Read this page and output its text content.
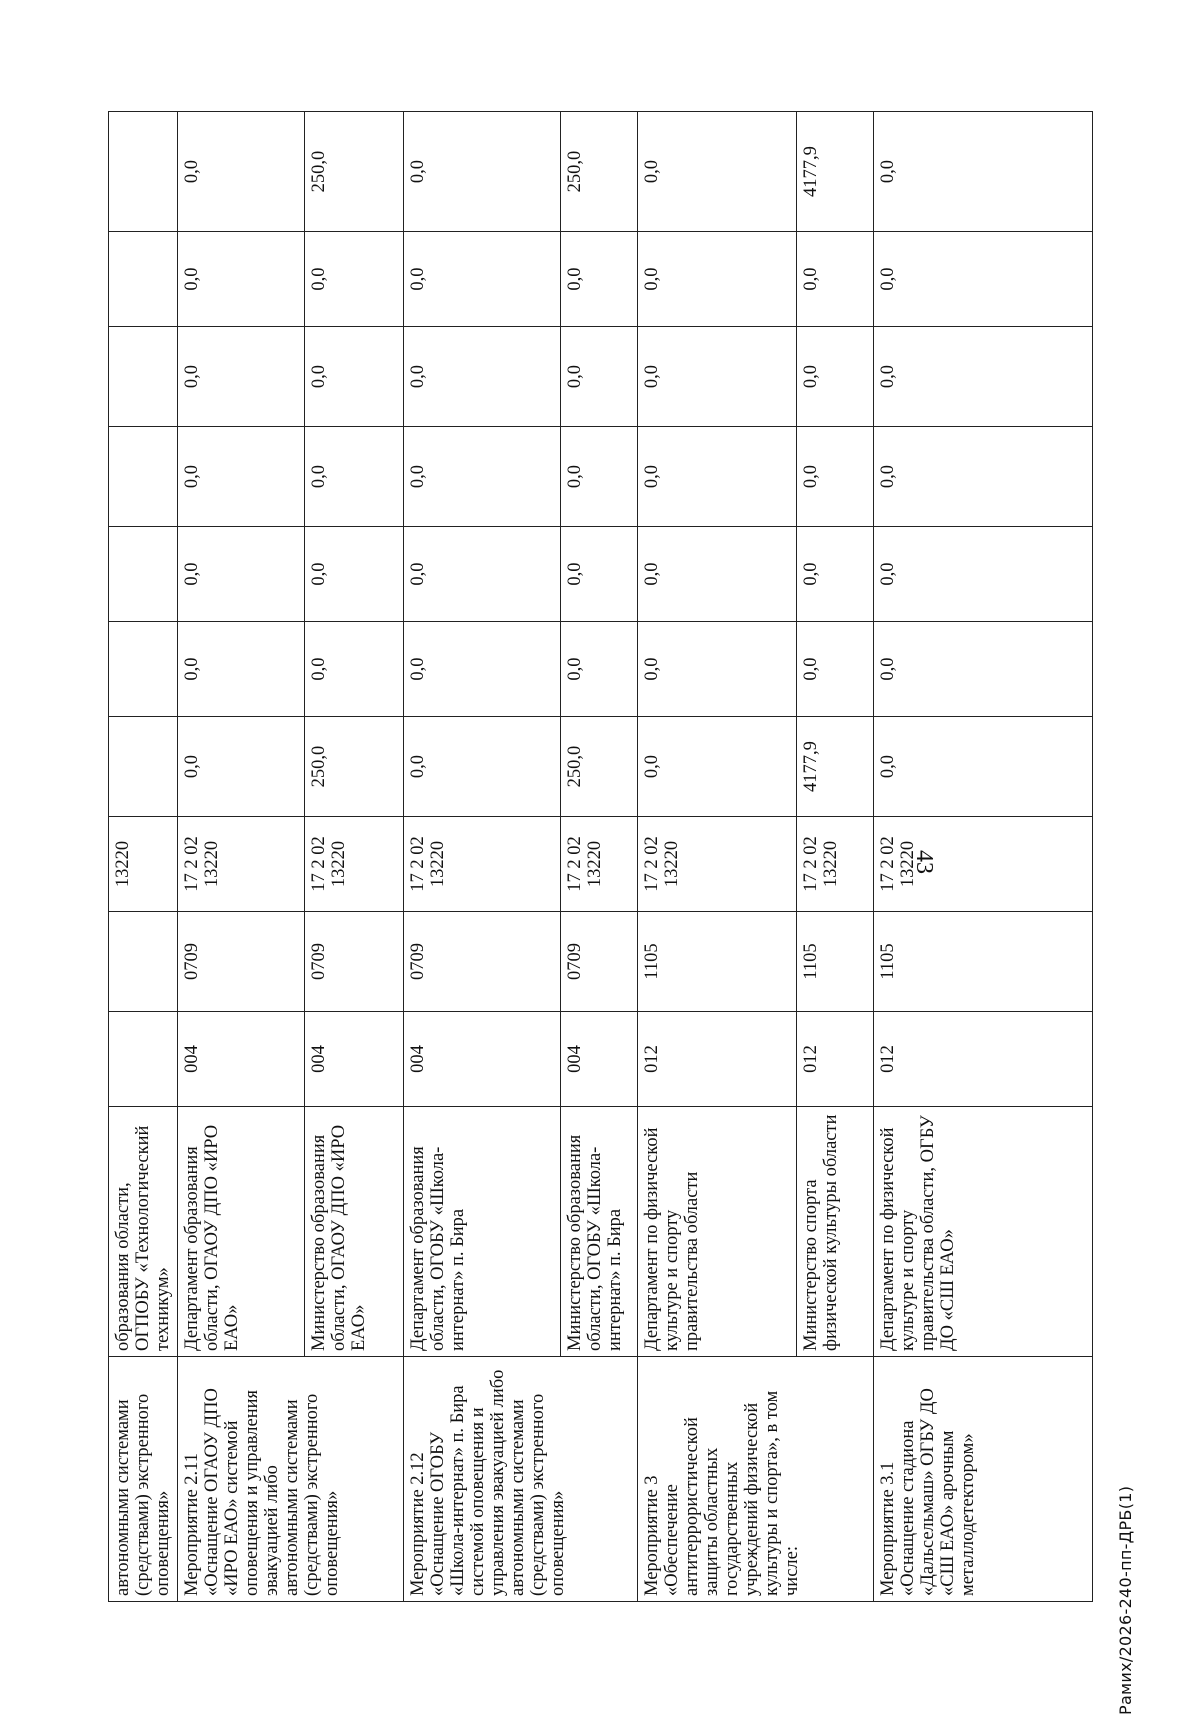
43
Рамих/2026-240-пп-ДРБ(1)
автономными системами (средствами) экстренного оповещения»	образования области, ОГПОБУ «Технологический техникум»			13220							
Мероприятие 2.11 «Оснащение ОГАОУ ДПО «ИРО ЕАО» системой оповещения и управления эвакуацией либо автономными системами (средствами) экстренного оповещения»	Департамент образования области, ОГАОУ ДПО «ИРО ЕАО»	004	0709	17 2 02 13220	0,0	0,0	0,0	0,0	0,0	0,0	0,0
	Министерство образования области, ОГАОУ ДПО «ИРО ЕАО»	004	0709	17 2 02 13220	250,0	0,0	0,0	0,0	0,0	0,0	250,0
Мероприятие 2.12 «Оснащение ОГОБУ «Школа-интернат» п. Бира системой оповещения и управления эвакуацией либо автономными системами (средствами) экстренного оповещения»	Департамент образования области, ОГОБУ «Школа-интернат» п. Бира	004	0709	17 2 02 13220	0,0	0,0	0,0	0,0	0,0	0,0	0,0
	Министерство образования области, ОГОБУ «Школа-интернат» п. Бира	004	0709	17 2 02 13220	250,0	0,0	0,0	0,0	0,0	0,0	250,0
Мероприятие 3 «Обеспечение антитеррористической защиты областных государственных учреждений физической культуры и спорта», в том числе:	Департамент по физической культуре и спорту правительства области	012	1105	17 2 02 13220	0,0	0,0	0,0	0,0	0,0	0,0	0,0
	Министерство спорта физической культуры области	012	1105	17 2 02 13220	4177,9	0,0	0,0	0,0	0,0	0,0	4177,9
Мероприятие 3.1 «Оснащение стадиона «Дальсельмаш» ОГБУ ДО «СШ ЕАО» арочным металлодетектором»	Департамент по физической культуре и спорту правительства области, ОГБУ ДО «СШ ЕАО»	012	1105	17 2 02 13220	0,0	0,0	0,0	0,0	0,0	0,0	0,0
